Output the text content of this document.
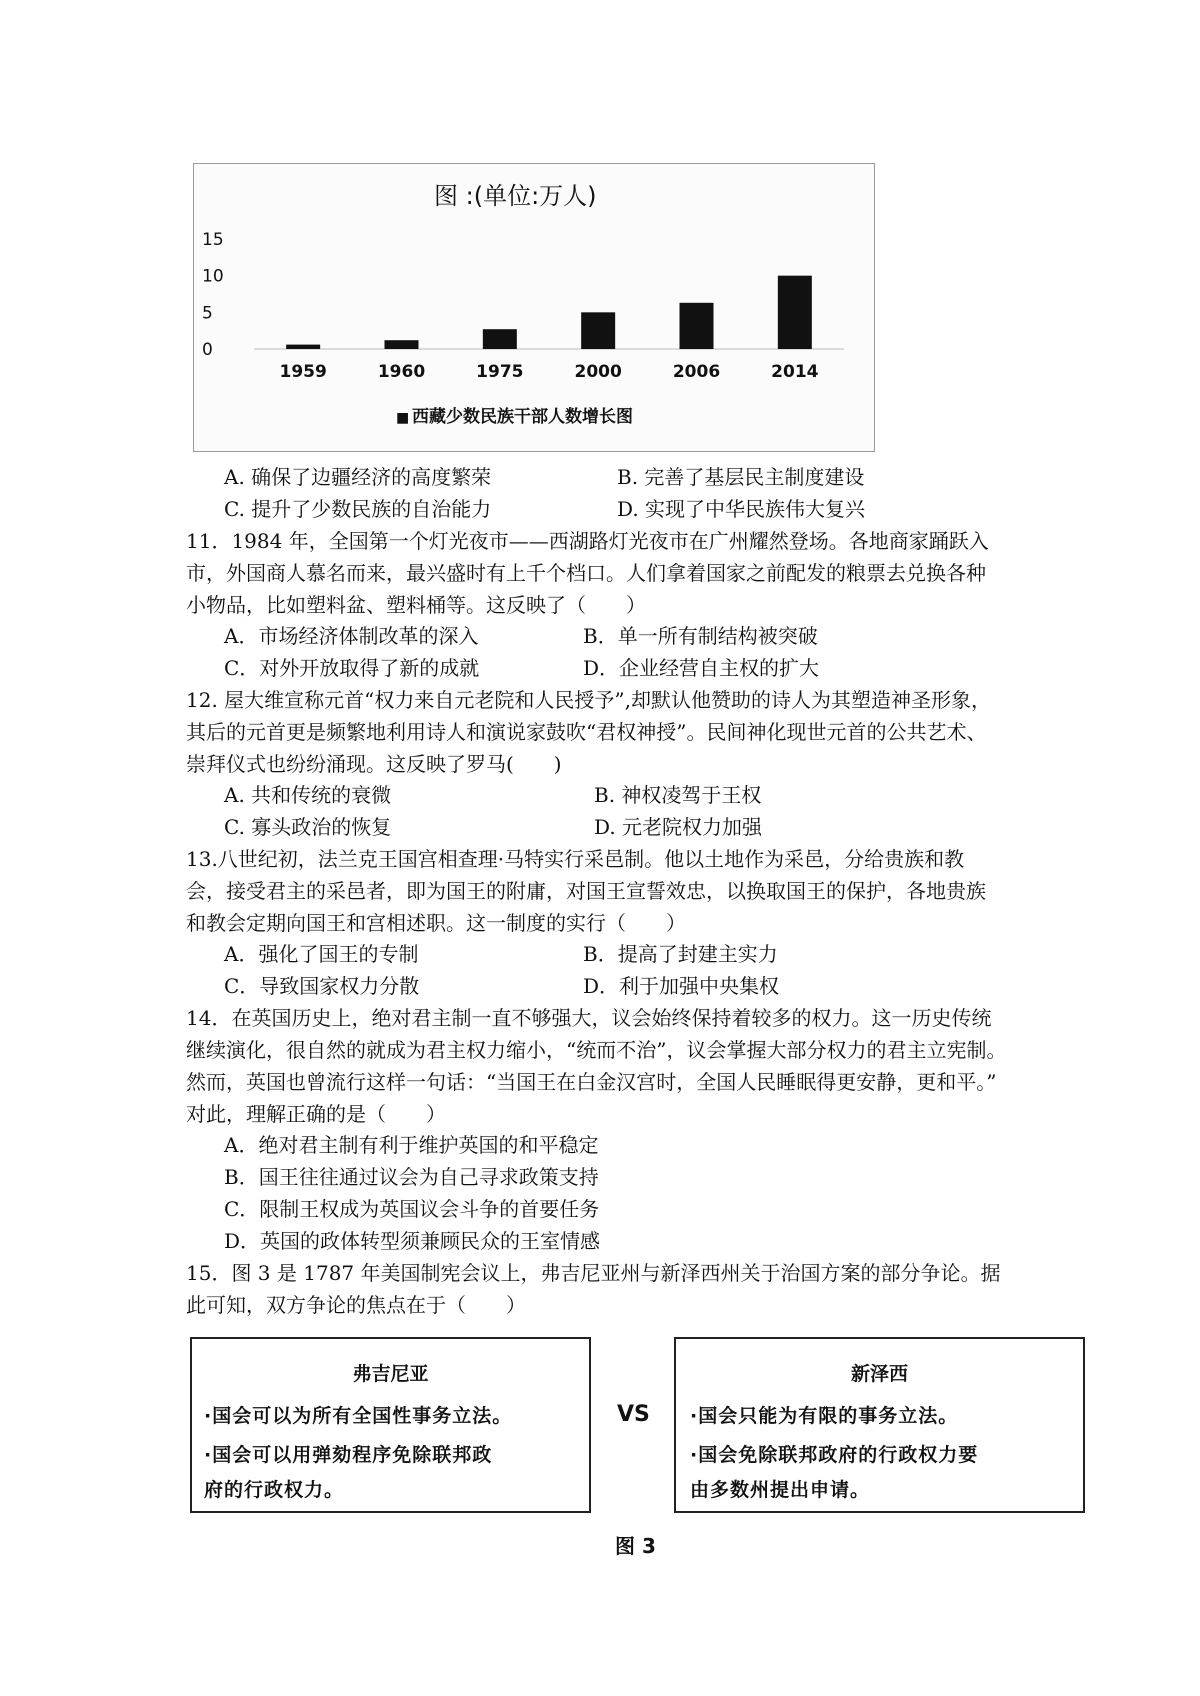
图 :(单位:万人)
15
10
5
0
1959	1960	1975	2000	2006	2014
■ 西藏少数民族干部人数增长图
A. 确保了边疆经济的高度繁荣	B. 完善了基层民主制度建设
C. 提升了少数民族的自治能力	D. 实现了中华民族伟大复兴
11．1984 年，全国第一个灯光夜市——西湖路灯光夜市在广州耀然登场。各地商家踊跃入
市，外国商人慕名而来，最兴盛时有上千个档口。人们拿着国家之前配发的粮票去兑换各种
小物品，比如塑料盆、塑料桶等。这反映了（　　）
A．市场经济体制改革的深入	B．单一所有制结构被突破
C．对外开放取得了新的成就	D．企业经营自主权的扩大
12. 屋大维宣称元首“权力来自元老院和人民授予”,却默认他赞助的诗人为其塑造神圣形象，
其后的元首更是频繁地利用诗人和演说家鼓吹“君权神授”。民间神化现世元首的公共艺术、
崇拜仪式也纷纷涌现。这反映了罗马(　　)
A. 共和传统的衰微	B. 神权凌驾于王权
C. 寡头政治的恢复	D. 元老院权力加强
13.八世纪初，法兰克王国宫相查理·马特实行采邑制。他以土地作为采邑，分给贵族和教
会，接受君主的采邑者，即为国王的附庸，对国王宣誓效忠，以换取国王的保护，各地贵族
和教会定期向国王和宫相述职。这一制度的实行（　　）
A．强化了国王的专制	B．提高了封建主实力
C．导致国家权力分散	D．利于加强中央集权
14．在英国历史上，绝对君主制一直不够强大，议会始终保持着较多的权力。这一历史传统
继续演化，很自然的就成为君主权力缩小，“统而不治”，议会掌握大部分权力的君主立宪制。
然而，英国也曾流行这样一句话：“当国王在白金汉宫时，全国人民睡眠得更安静，更和平。”
对此，理解正确的是（　　）
A．绝对君主制有利于维护英国的和平稳定
B．国王往往通过议会为自己寻求政策支持
C．限制王权成为英国议会斗争的首要任务
D．英国的政体转型须兼顾民众的王室情感
15．图 3 是 1787 年美国制宪会议上，弗吉尼亚州与新泽西州关于治国方案的部分争论。据
此可知，双方争论的焦点在于（　　）
弗吉尼亚
·国会可以为所有全国性事务立法。
·国会可以用弹劾程序免除联邦政
府的行政权力。
VS
新泽西
·国会只能为有限的事务立法。
·国会免除联邦政府的行政权力要
由多数州提出申请。
图 3
